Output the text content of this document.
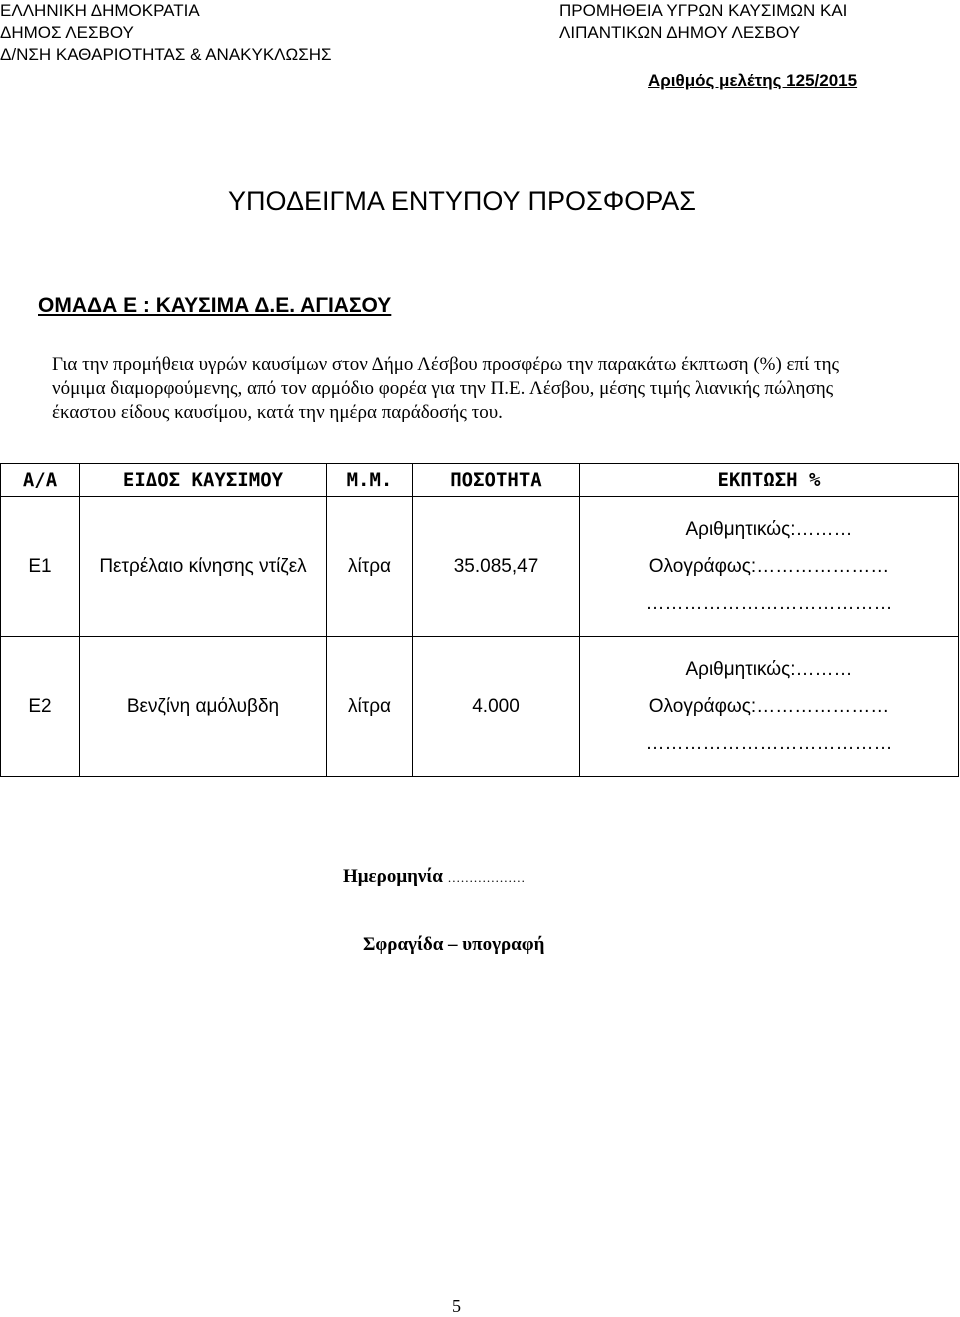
ΕΛΛΗΝΙΚΗ ΔΗΜΟΚΡΑΤΙΑ
ΔΗΜΟΣ ΛΕΣΒΟΥ
Δ/ΝΣΗ ΚΑΘΑΡΙΟΤΗΤΑΣ & ΑΝΑΚΥΚΛΩΣΗΣ
ΠΡΟΜΗΘΕΙΑ ΥΓΡΩΝ ΚΑΥΣΙΜΩΝ ΚΑΙ
ΛΙΠΑΝΤΙΚΩΝ ΔΗΜΟΥ ΛΕΣΒΟΥ
Αριθμός μελέτης 125/2015
ΥΠΟΔΕΙΓΜΑ ΕΝΤΥΠΟΥ ΠΡΟΣΦΟΡΑΣ
ΟΜΑΔΑ Ε : ΚΑΥΣΙΜΑ Δ.Ε. ΑΓΙΑΣΟΥ

Για την προμήθεια υγρών καυσίμων στον Δήμο Λέσβου προσφέρω την παρακάτω έκπτωση (%) επί της

νόμιμα διαμορφούμενης, από τον αρμόδιο φορέα για την Π.Ε. Λέσβου, μέσης τιμής λιανικής πώλησης

έκαστου είδους καυσίμου, κατά την ημέρα παράδοσής του.

Α/Α	ΕΙΔΟΣ ΚΑΥΣΙΜΟΥ	Μ.Μ.	ΠΟΣΟΤΗΤΑ	ΕΚΠΤΩΣΗ %
Ε1	Πετρέλαιο κίνησης ντίζελ	λίτρα	35.085,47	Αριθμητικώς:………
Ολογράφως:…………………
…………………………………

Ε2	Βενζίνη αμόλυβδη	λίτρα	4.000	Αριθμητικώς:………
Ολογράφως:…………………
…………………………………
Ημερομηνία ………………
Σφραγίδα – υπογραφή
5
